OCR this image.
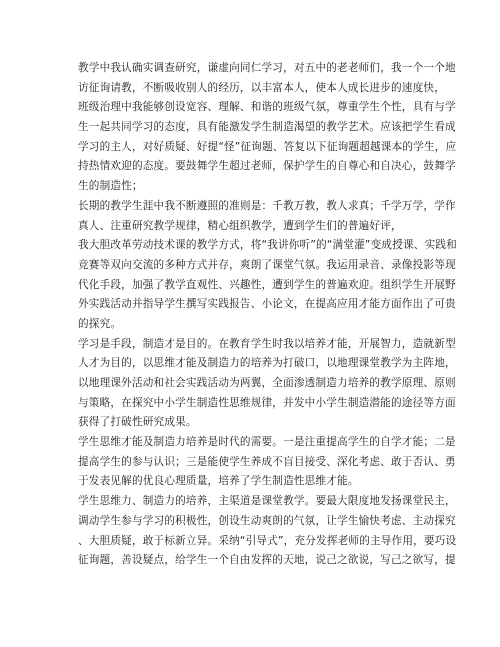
教学中我认确实调查研究，谦虚向同仁学习，对五中的老老师们，我一个一个地
访征询请教，不断吸收别人的经历，以丰富本人，使本人成长进步的速度快，
班级治理中我能够创设宽容、理解、和谐的班级气氛，尊重学生个性，具有与学
生一起共同学习的态度，具有能激发学生制造渴望的教学艺术。应该把学生看成
学习的主人，对好质疑、好提“怪”征询题、答复以下征询题超越课本的学生，应
持热情欢迎的态度。要鼓舞学生超过老师，保护学生的自尊心和自决心，鼓舞学
生的制造性；
长期的教学生涯中我不断遵照的准则是：千教万教，教人求真；千学万学，学作
真人、注重研究教学规律，精心组织教学，遭到学生们的普遍好评，
我大胆改革劳动技术课的教学方式，将“我讲你听”的“满堂灌”变成授课、实践和
竞赛等双向交流的多种方式并存，爽朗了课堂气氛。我运用录音、录像投影等现
代化手段，加强了教学直观性、兴趣性，遭到学生的普遍欢迎。组织学生开展野
外实践活动并指导学生撰写实践报告、小论文，在提高应用才能方面作出了可贵
的探究。
学习是手段，制造才是目的。在教育学生时我以培养才能，开展智力，造就新型
人才为目的，以思维才能及制造力的培养为打破口，以地理课堂教学为主阵地，
以地理课外活动和社会实践活动为两翼，全面渗透制造力培养的教学原理、原则
与策略，在探究中小学生制造性思维规律，并发中小学生制造潜能的途径等方面
获得了打破性研究成果。
学生思维才能及制造力培养是时代的需要。一是注重提高学生的自学才能；二是
提高学生的参与认识；三是能使学生养成不盲目接受、深化考虑、敢于否认、勇
于发表见解的优良心理质量，培养了学生制造性思维才能。
学生思维力、制造力的培养，主渠道是课堂教学。要最大限度地发扬课堂民主，
调动学生参与学习的积极性，创设生动爽朗的气氛，让学生愉快考虑、主动探究
、大胆质疑，敢于标新立异。采纳“引导式”，充分发挥老师的主导作用，要巧设
征询题，善设疑点，给学生一个自由发挥的天地，说己之欲说，写己之欲写，提
